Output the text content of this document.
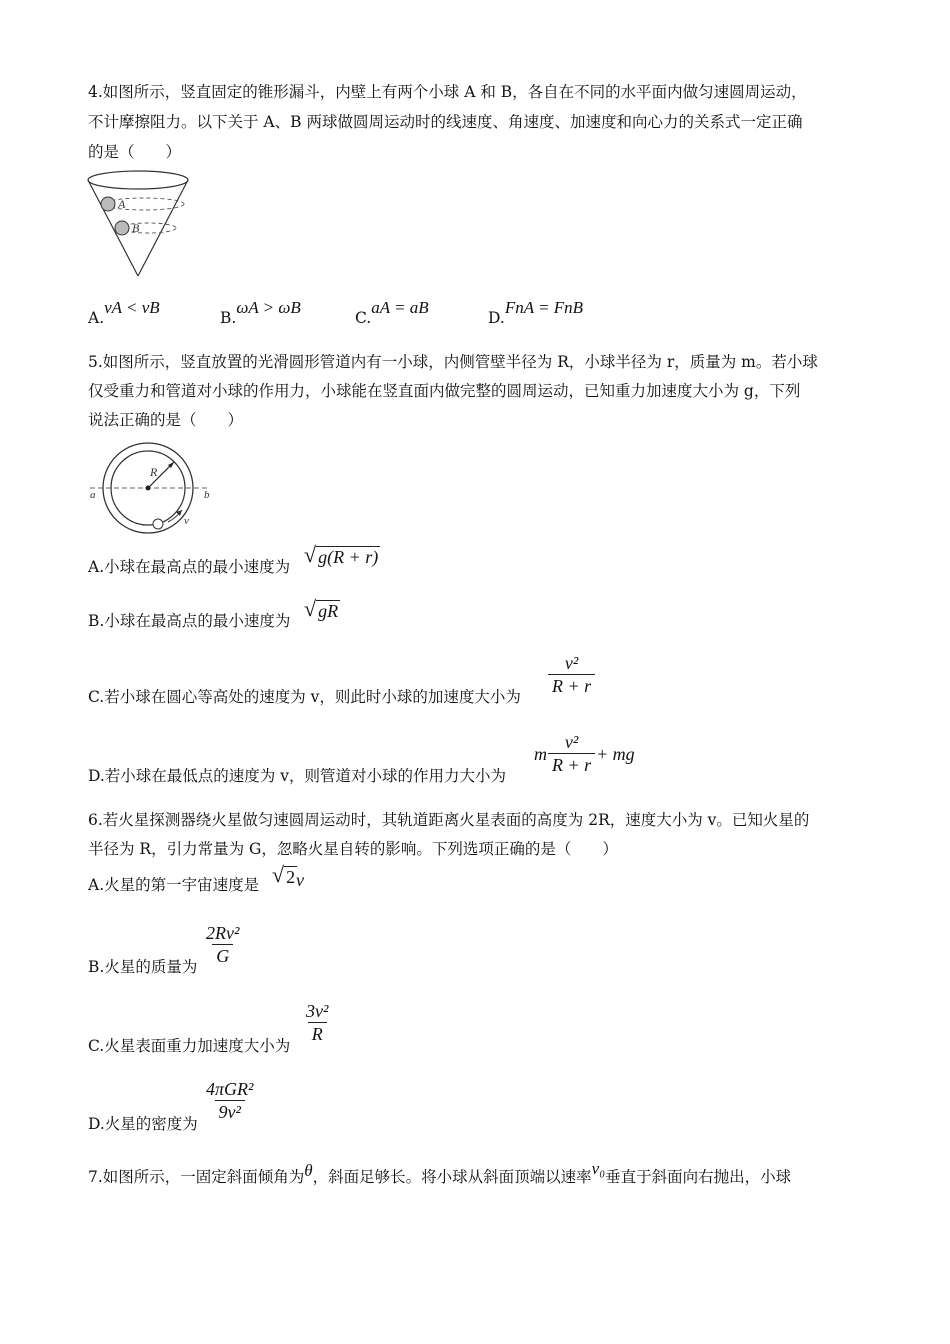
4.如图所示，竖直固定的锥形漏斗，内壁上有两个小球 A 和 B，各自在不同的水平面内做匀速圆周运动，
不计摩擦阻力。以下关于 A、B 两球做圆周运动时的线速度、角速度、加速度和向心力的关系式一定正确
的是（　　）
A
B
A.vA < vB
B.ωA > ωB
C.aA = aB
D.FnA = FnB
5.如图所示，竖直放置的光滑圆形管道内有一小球，内侧管壁半径为 R，小球半径为 r，质量为 m。若小球
仅受重力和管道对小球的作用力，小球能在竖直面内做完整的圆周运动，已知重力加速度大小为 g，下列
说法正确的是（　　）
R
a	b
v
A.小球在最高点的最小速度为 √ g(R + r)
B.小球在最高点的最小速度为 √ gR
C.若小球在圆心等高处的速度为 v，则此时小球的加速度大小为 $\frac{\text{v²}}{R + r}$
D.若小球在最低点的速度为 v，则管道对小球的作用力大小为
m $\frac{\text{v²}}{R + r}$ + mg
6.若火星探测器绕火星做匀速圆周运动时，其轨道距离火星表面的高度为 2R，速度大小为 v。已知火星的
半径为 R，引力常量为 G，忽略火星自转的影响。下列选项正确的是（　　）
A.火星的第一宇宙速度是 √ 2 v
B.火星的质量为 $\frac{\text{2Rv²}}{G}$
C.火星表面重力加速度大小为
$\frac{\text{3v²}}{R}$
D.火星的密度为
4πGR²
9v²
7.如图所示，一固定斜面倾角为θ，斜面足够长。将小球从斜面顶端以速率v₀垂直于斜面向右抛出，小球
